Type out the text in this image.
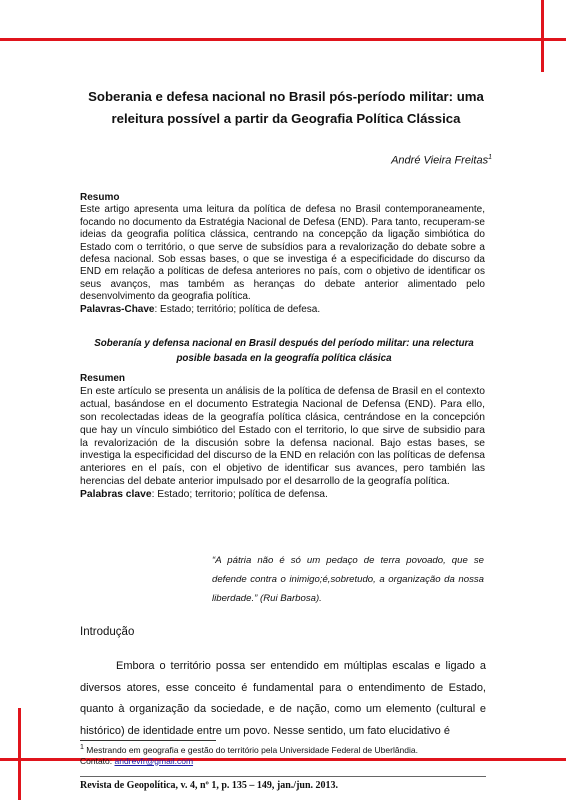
Soberania e defesa nacional no Brasil pós-período militar: uma releitura possível a partir da Geografia Política Clássica
André Vieira Freitas$^1$
Resumo

Este artigo apresenta uma leitura da política de defesa no Brasil contemporaneamente, focando no documento da Estratégia Nacional de Defesa (END). Para tanto, recuperam-se ideias da geografia política clássica, centrando na concepção da ligação simbiótica do Estado com o território, o que serve de subsídios para a revalorização do debate sobre a defesa nacional. Sob essas bases, o que se investiga é a especificidade do discurso da END em relação a políticas de defesa anteriores no país, com o objetivo de identificar os seus avanços, mas também as heranças do debate anterior alimentado pelo desenvolvimento da geografia política.

Palavras-Chave: Estado; território; política de defesa.

Soberanía y defensa nacional en Brasil después del período militar: una relectura posible basada en la geografía política clásica

Resumen

En este artículo se presenta un análisis de la política de defensa de Brasil en el contexto actual, basándose en el documento Estrategia Nacional de Defensa (END). Para ello, son recolectadas ideas de la geografía política clásica, centrándose en la concepción que hay un vínculo simbiótico del Estado con el territorio, lo que sirve de subsidio para la revalorización de la discusión sobre la defensa nacional. Bajo estas bases, se investiga la especificidad del discurso de la END en relación con las políticas de defensa anteriores en el país, con el objetivo de identificar sus avances, pero también las herencias del debate anterior impulsado por el desarrollo de la geografía política.

Palabras clave: Estado; territorio; política de defensa.

“A pátria não é só um pedaço de terra povoado, que se defende contra o inimigo;é,sobretudo, a organização da nossa liberdade.” (Rui Barbosa).
Introdução

Embora o território possa ser entendido em múltiplas escalas e ligado a diversos atores, esse conceito é fundamental para o entendimento de Estado, quanto à organização da sociedade, e de nação, como um elemento (cultural e histórico) de identidade entre um povo. Nesse sentido, um fato elucidativo é

$^1$ Mestrando em geografia e gestão do território pela Universidade Federal de Uberlândia.
Contato: andrevfr@gmail.com
Revista de Geopolítica, v. 4, nº 1, p. 135 – 149, jan./jun. 2013.
